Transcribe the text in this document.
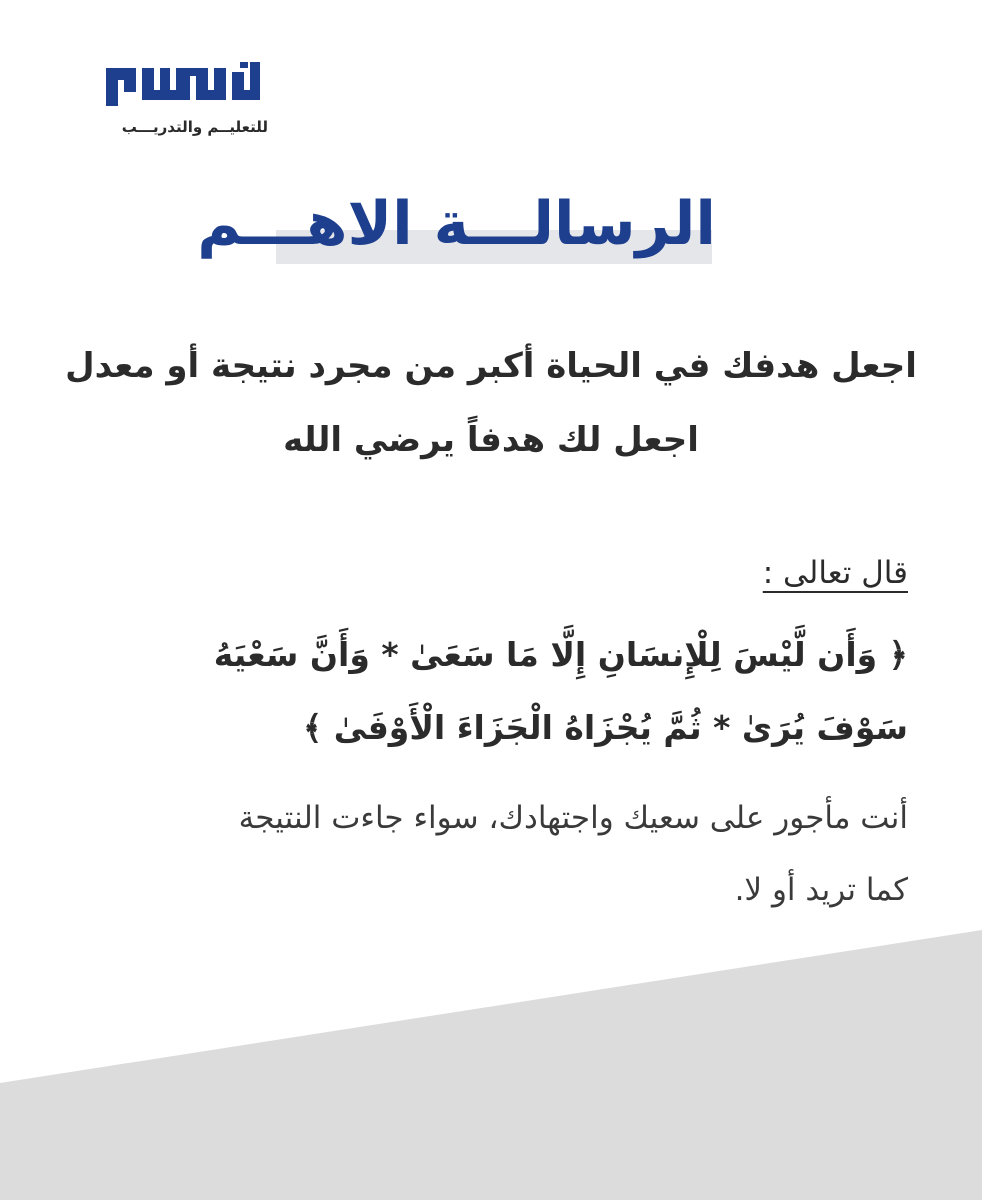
للتعليــم والتدريـــب
الرسالـــة الاهـــم
اجعل هدفك في الحياة أكبر من مجرد نتيجة أو معدل
اجعل لك هدفاً يرضي الله
قال تعالى :
﴿ وَأَن لَّيْسَ لِلْإِنسَانِ إِلَّا مَا سَعَىٰ * وَأَنَّ سَعْيَهُ
سَوْفَ يُرَىٰ * ثُمَّ يُجْزَاهُ الْجَزَاءَ الْأَوْفَىٰ ﴾
أنت مأجور على سعيك واجتهادك، سواء جاءت النتيجة
كما تريد أو لا.
